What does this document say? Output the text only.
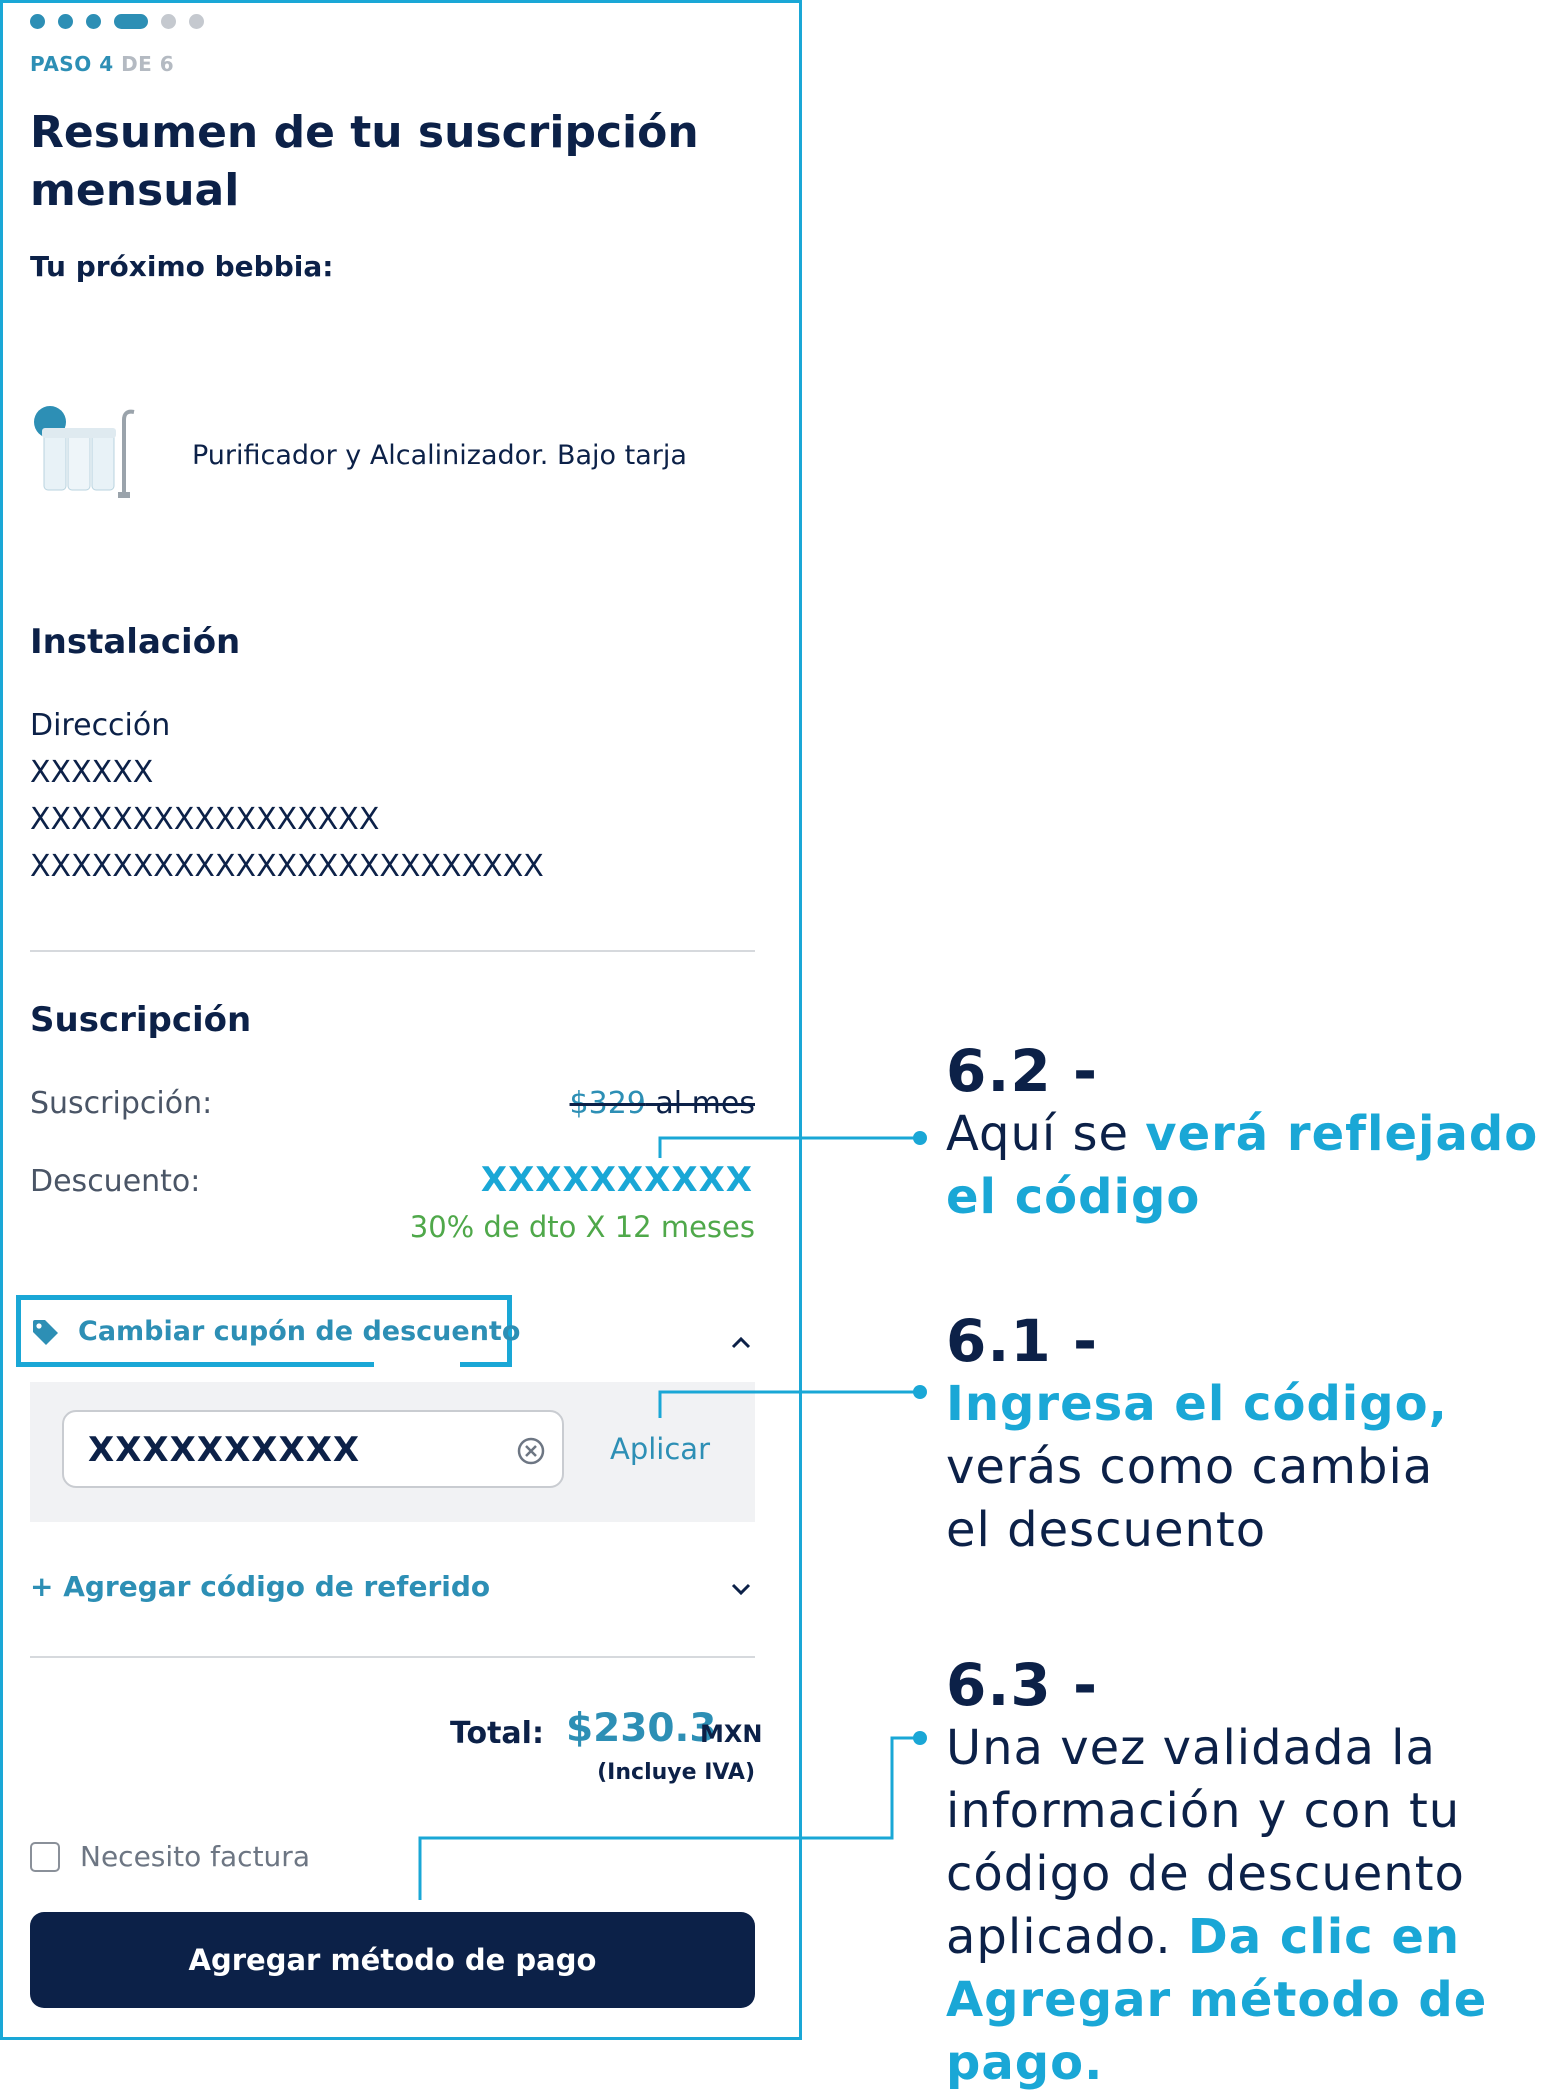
PASO 4 DE 6
Resumen de tu suscripción mensual
Tu próximo bebbia:
Purificador y Alcalinizador. Bajo tarja
Instalación
Dirección
XXXXXX
XXXXXXXXXXXXXXXXX
XXXXXXXXXXXXXXXXXXXXXXXXX
Suscripción
Suscripción:	$329 al mes
Descuento:	XXXXXXXXXX
30% de dto X 12 meses
Cambiar cupón de descuento
XXXXXXXXXX	Aplicar
+ Agregar código de referido
Total: $230.3
MXN
(Incluye IVA)
Necesito factura
Agregar método de pago
6.2 -
Aquí se verá reflejado el código
6.1 -
Ingresa el código,
verás como cambia el descuento
6.3 -
Una vez validada la información y con tu código de descuento aplicado. Da clic en Agregar método de pago.
